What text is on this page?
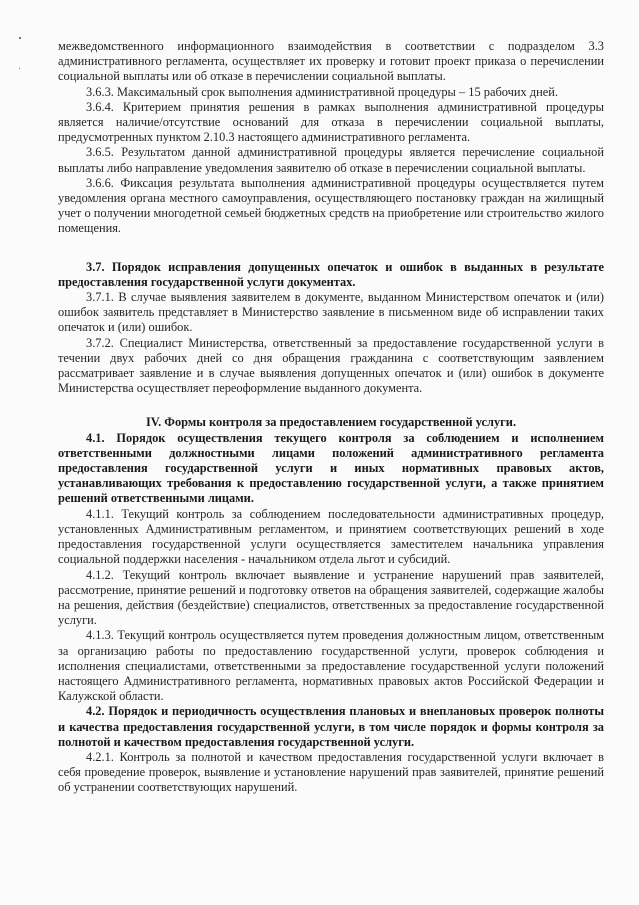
межведомственного информационного взаимодействия в соответствии с подразделом 3.3 административного регламента, осуществляет их проверку и готовит проект приказа о перечислении социальной выплаты или об отказе в перечислении социальной выплаты.

3.6.3. Максимальный срок выполнения административной процедуры – 15 рабочих дней.

3.6.4. Критерием принятия решения в рамках выполнения административной процедуры является наличие/отсутствие оснований для отказа в перечислении социальной выплаты, предусмотренных пунктом 2.10.3 настоящего административного регламента.

3.6.5. Результатом данной административной процедуры является перечисление социальной выплаты либо направление уведомления заявителю об отказе в перечислении социальной выплаты.

3.6.6. Фиксация результата выполнения административной процедуры осуществляется путем уведомления органа местного самоуправления, осуществляющего постановку граждан на жилищный учет о получении многодетной семьей бюджетных средств на приобретение или строительство жилого помещения.

3.7. Порядок исправления допущенных опечаток и ошибок в выданных в результате предоставления государственной услуги документах.

3.7.1. В случае выявления заявителем в документе, выданном Министерством опечаток и (или) ошибок заявитель представляет в Министерство заявление в письменном виде об исправлении таких опечаток и (или) ошибок.

3.7.2. Специалист Министерства, ответственный за предоставление государственной услуги в течении двух рабочих дней со дня обращения гражданина с соответствующим заявлением рассматривает заявление и в случае выявления допущенных опечаток и (или) ошибок в документе Министерства осуществляет переоформление выданного документа.

IV. Формы контроля за предоставлением государственной услуги.

4.1. Порядок осуществления текущего контроля за соблюдением и исполнением ответственными должностными лицами положений административного регламента предоставления государственной услуги и иных нормативных правовых актов, устанавливающих требования к предоставлению государственной услуги, а также принятием решений ответственными лицами.

4.1.1. Текущий контроль за соблюдением последовательности административных процедур, установленных Административным регламентом, и принятием соответствующих решений в ходе предоставления государственной услуги осуществляется заместителем начальника управления социальной поддержки населения - начальником отдела льгот и субсидий.

4.1.2. Текущий контроль включает выявление и устранение нарушений прав заявителей, рассмотрение, принятие решений и подготовку ответов на обращения заявителей, содержащие жалобы на решения, действия (бездействие) специалистов, ответственных за предоставление государственной услуги.

4.1.3. Текущий контроль осуществляется путем проведения должностным лицом, ответственным за организацию работы по предоставлению государственной услуги, проверок соблюдения и исполнения специалистами, ответственными за предоставление государственной услуги положений настоящего Административного регламента, нормативных правовых актов Российской Федерации и Калужской области.

4.2. Порядок и периодичность осуществления плановых и внеплановых проверок полноты и качества предоставления государственной услуги, в том числе порядок и формы контроля за полнотой и качеством предоставления государственной услуги.

4.2.1. Контроль за полнотой и качеством предоставления государственной услуги включает в себя проведение проверок, выявление и установление нарушений прав заявителей, принятие решений об устранении соответствующих нарушений.
